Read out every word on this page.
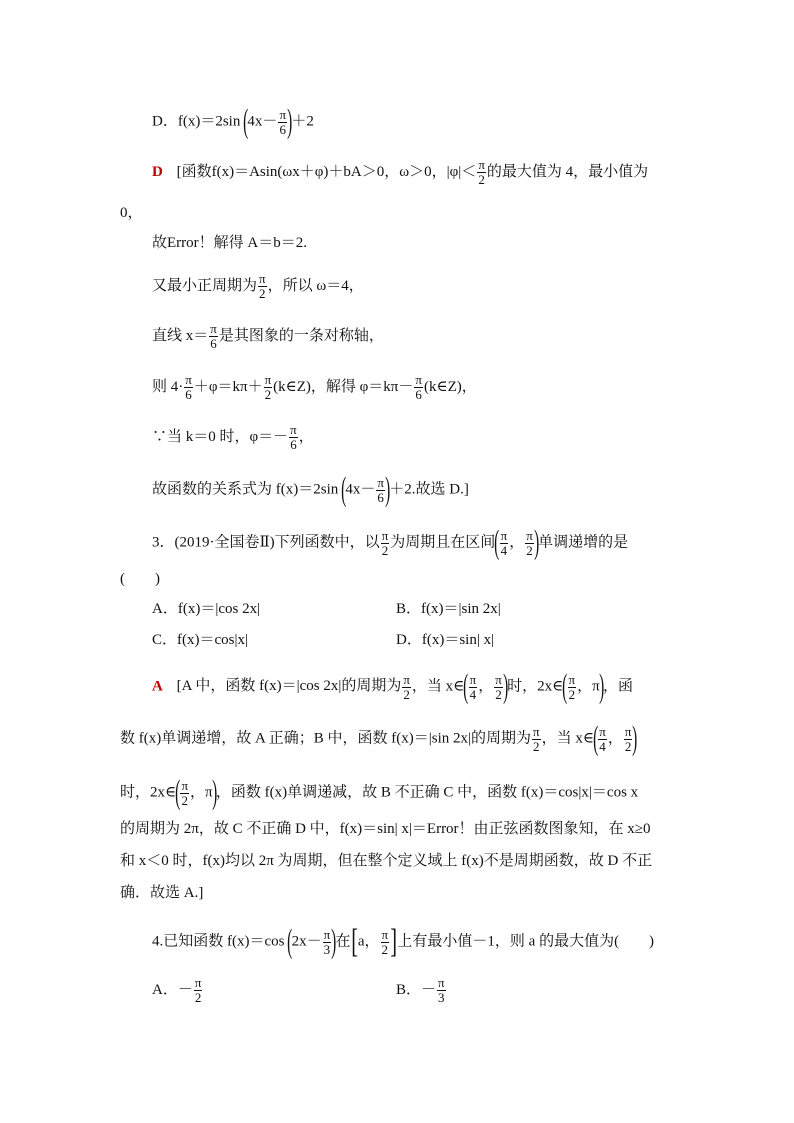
D．f(x)＝2sin $(4x- \frac{\pi}{6} )+2$
D [函数f(x)＝Asin(ωx＋φ)＋bA＞0，ω＞0，$|\varphi|< \frac{\pi}{2}$ 的最大值为 4，最小值为
0，
故Error！解得 A＝b＝2.
又最小正周期为 $\frac{\pi}{2}$ ，所以 ω＝4，
直线 $x= \frac{\pi}{6}$ 是其图象的一条对称轴，
则 $4\cdot \frac{\pi}{6} +\varphi=k\pi+ \frac{\pi}{2}$ (k∈Z)，解得 $\varphi=k\pi- \frac{\pi}{6}$ (k∈Z)，
∵当 k＝0 时，$\varphi=- \frac{\pi}{6}$ ，
故函数的关系式为 f(x)＝2sin $(4x- \frac{\pi}{6} )+2$.故选 D.]
3．(2019·全国卷Ⅱ)下列函数中，以 $\frac{\pi}{2}$ 为周期且在区间( $\frac{\pi}{4}$ ， $\frac{\pi}{2}$ )单调递增的是
(　　)
A．f(x)＝|cos 2x|	B．f(x)＝|sin 2x|
C．f(x)＝cos|x|	D．f(x)＝sin| x|
A [A 中，函数 f(x)＝|cos 2x|的周期为 $\frac{\pi}{2}$ ，当 x∈( $\frac{\pi}{4}$ ， $\frac{\pi}{2}$ )时，2x∈( $\frac{\pi}{2}$ ，π)，函
数 f(x)单调递增，故 A 正确；B 中，函数 f(x)＝|sin 2x|的周期为 $\frac{\pi}{2}$ ，当 x∈( $\frac{\pi}{4}$ ， $\frac{\pi}{2}$ )
时，2x∈( $\frac{\pi}{2}$ ，π)，函数 f(x)单调递减，故 B 不正确 C 中，函数 f(x)＝cos|x|＝cos x
的周期为 2π，故 C 不正确 D 中，f(x)＝sin| x|＝Error！由正弦函数图象知，在 x≥0
和 x＜0 时，f(x)均以 2π 为周期，但在整个定义域上 f(x)不是周期函数，故 D 不正
确．故选 A.]
4.已知函数 f(x)＝cos ($2x- \frac{\pi}{3}$ )在[a， $\frac{\pi}{2}$ ]上有最小值－1，则 a 的最大值为(　　)
A．－ $\frac{\pi}{2}$	B．－ $\frac{\pi}{3}$
